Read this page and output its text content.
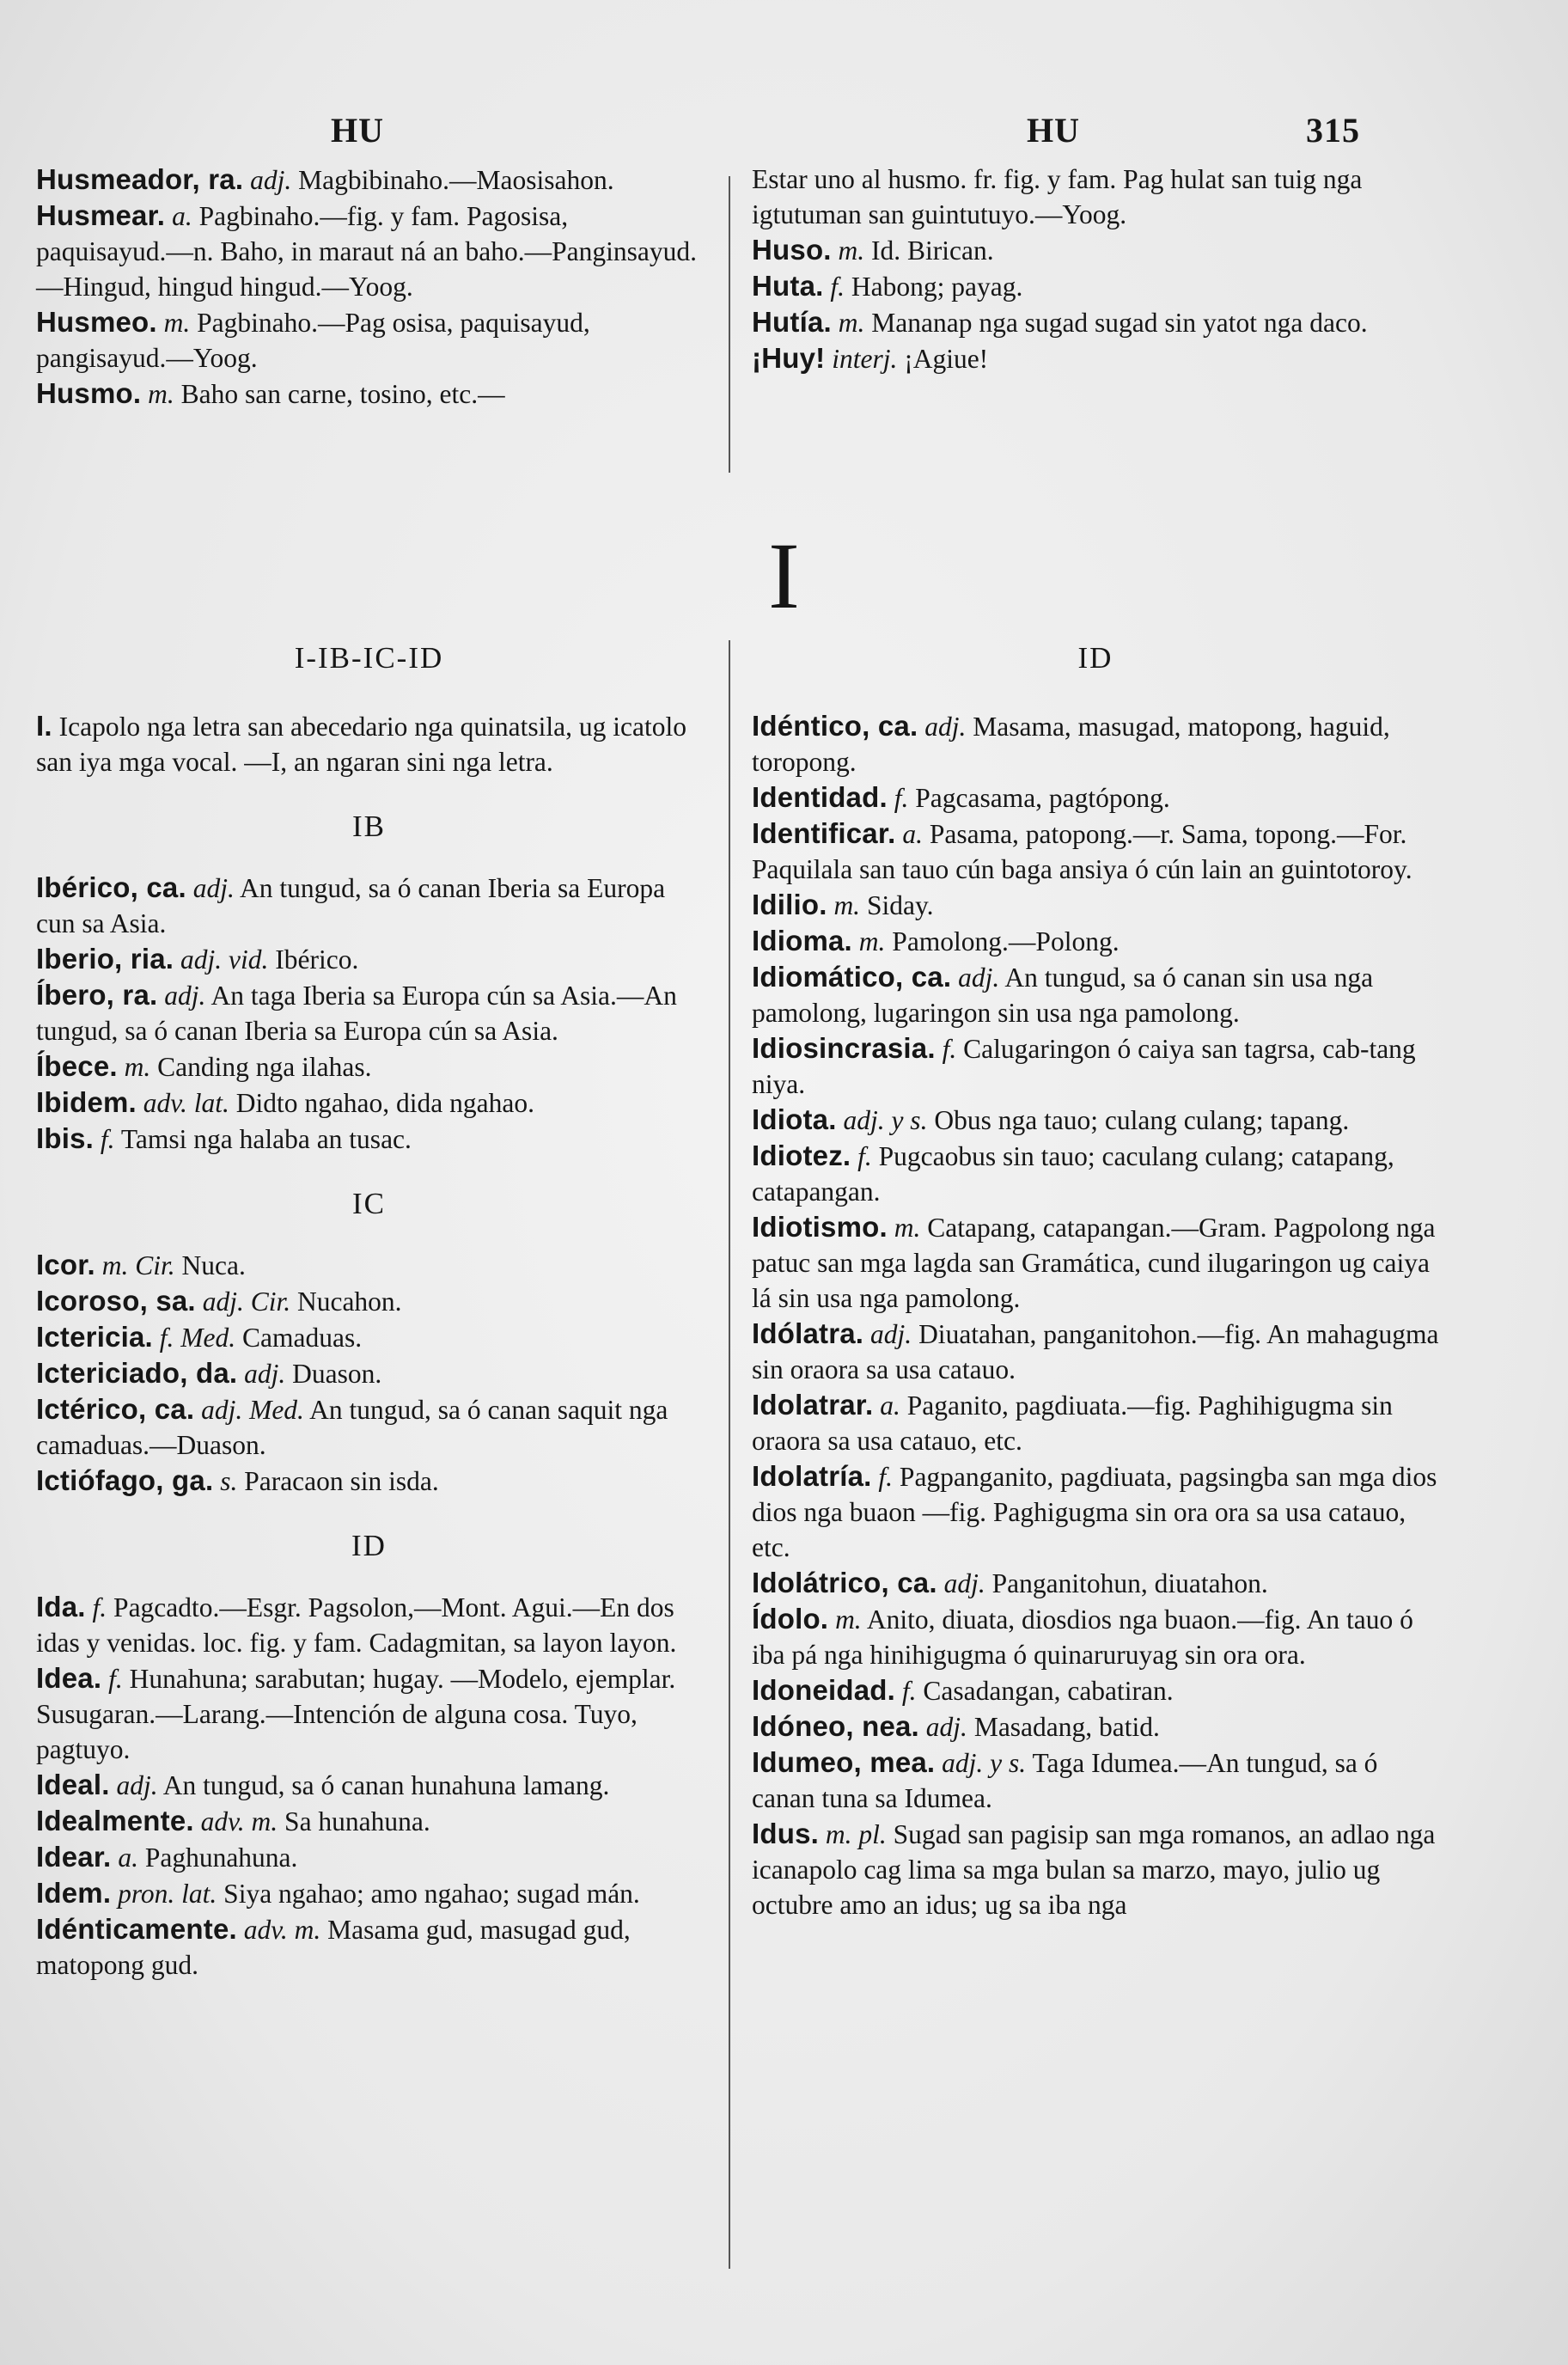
HU	HU	315
Husmeador, ra. adj. Magbibinaho.—Maosisahon.
Husmear. a. Pagbinaho.—fig. y fam. Pagosisa, paquisayud.—n. Baho, in maraut ná an baho.—Panginsayud.—Hingud, hingud hingud.—Yoog.
Husmeo. m. Pagbinaho.—Pag osisa, paquisayud, pangisayud.—Yoog.
Husmo. m. Baho san carne, tosino, etc.—
Estar uno al husmo. fr. fig. y fam. Pag hulat san tuig nga igtutuman san guintutuyo.—Yoog.
Huso. m. Id. Birican.
Huta. f. Habong; payag.
Hutía. m. Mananap nga sugad sugad sin yatot nga daco.
¡Huy! interj. ¡Agiue!
I
I-IB-IC-ID
I. Icapolo nga letra san abecedario nga quinatsila, ug icatolo san iya mga vocal. —I, an ngaran sini nga letra.
IB
Ibérico, ca. adj. An tungud, sa ó canan Iberia sa Europa cun sa Asia.
Iberio, ria. adj. vid. Ibérico.
Íbero, ra. adj. An taga Iberia sa Europa cún sa Asia.—An tungud, sa ó canan Iberia sa Europa cún sa Asia.
Íbece. m. Canding nga ilahas.
Ibidem. adv. lat. Didto ngahao, dida ngahao.
Ibis. f. Tamsi nga halaba an tusac.
IC
Icor. m. Cir. Nuca.
Icoroso, sa. adj. Cir. Nucahon.
Ictericia. f. Med. Camaduas.
Ictericiado, da. adj. Duason.
Ictérico, ca. adj. Med. An tungud, sa ó canan saquit nga camaduas.—Duason.
Ictiófago, ga. s. Paracaon sin isda.
ID
Ida. f. Pagcadto.—Esgr. Pagsolon,—Mont. Agui.—En dos idas y venidas. loc. fig. y fam. Cadagmitan, sa layon layon.
Idea. f. Hunahuna; sarabutan; hugay. —Modelo, ejemplar. Susugaran.—Larang.—Intención de alguna cosa. Tuyo, pagtuyo.
Ideal. adj. An tungud, sa ó canan hunahuna lamang.
Idealmente. adv. m. Sa hunahuna.
Idear. a. Paghunahuna.
Idem. pron. lat. Siya ngahao; amo ngahao; sugad mán.
Idénticamente. adv. m. Masama gud, masugad gud, matopong gud.
ID
Idéntico, ca. adj. Masama, masugad, matopong, haguid, toropong.
Identidad. f. Pagcasama, pagtópong.
Identificar. a. Pasama, patopong.—r. Sama, topong.—For. Paquilala san tauo cún baga ansiya ó cún lain an guintotoroy.
Idilio. m. Siday.
Idioma. m. Pamolong.—Polong.
Idiomático, ca. adj. An tungud, sa ó canan sin usa nga pamolong, lugaringon sin usa nga pamolong.
Idiosincrasia. f. Calugaringon ó caiya san tagrsa, cab-tang niya.
Idiota. adj. y s. Obus nga tauo; culang culang; tapang.
Idiotez. f. Pugcaobus sin tauo; caculang culang; catapang, catapangan.
Idiotismo. m. Catapang, catapangan.—Gram. Pagpolong nga patuc san mga lagda san Gramática, cund ilugaringon ug caiya lá sin usa nga pamolong.
Idólatra. adj. Diuatahan, panganitohon.—fig. An mahagugma sin oraora sa usa catauo.
Idolatrar. a. Paganito, pagdiuata.—fig. Paghihigugma sin oraora sa usa catauo, etc.
Idolatría. f. Pagpanganito, pagdiuata, pagsingba san mga dios dios nga buaon —fig. Paghigugma sin ora ora sa usa catauo, etc.
Idolátrico, ca. adj. Panganitohun, diuatahon.
Ídolo. m. Anito, diuata, diosdios nga buaon.—fig. An tauo ó iba pá nga hinihigugma ó quinaruruyag sin ora ora.
Idoneidad. f. Casadangan, cabatiran.
Idóneo, nea. adj. Masadang, batid.
Idumeo, mea. adj. y s. Taga Idumea.—An tungud, sa ó canan tuna sa Idumea.
Idus. m. pl. Sugad san pagisip san mga romanos, an adlao nga icanapolo cag lima sa mga bulan sa marzo, mayo, julio ug octubre amo an idus; ug sa iba nga
